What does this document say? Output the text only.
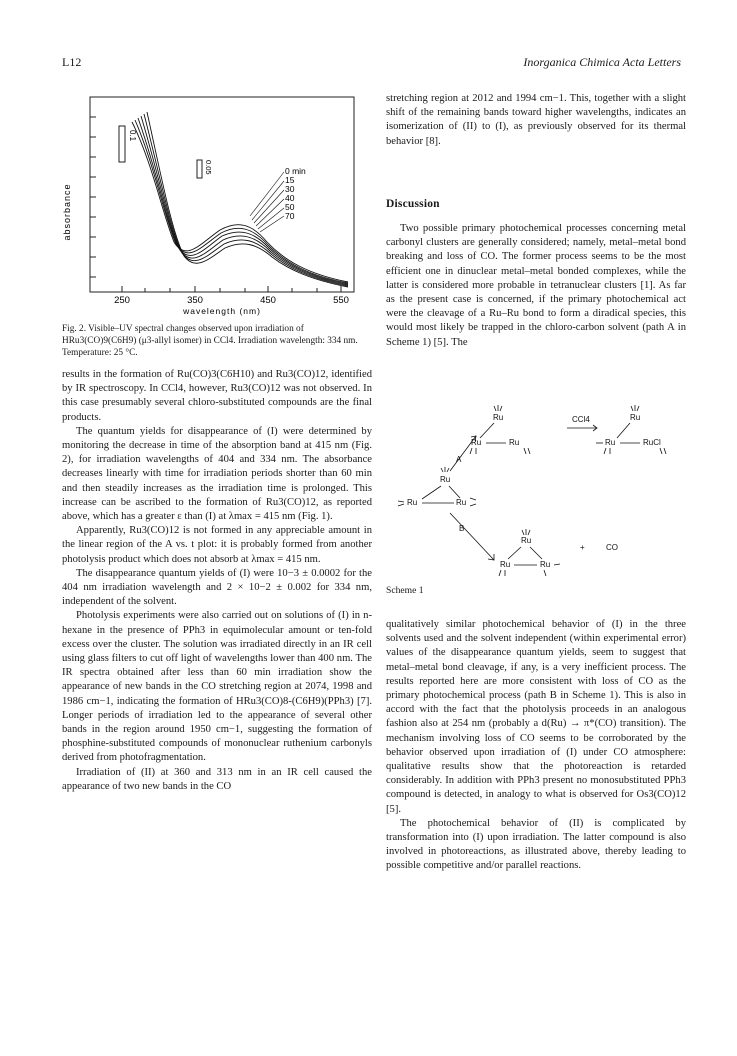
L12	Inorganica Chimica Acta Letters
absorbance
0.1
0.05	0 min
15
30
40
50
70
250	350	450	550
wavelength (nm)
Fig. 2. Visible–UV spectral changes observed upon irradiation of HRu3(CO)9(C6H9) (μ3-allyl isomer) in CCl4. Irradiation wavelength: 334 nm. Temperature: 25 °C.

results in the formation of Ru(CO)3(C6H10) and Ru3(CO)12, identified by IR spectroscopy. In CCl4, however, Ru3(CO)12 was not observed. In this case presumably several chloro-substituted compounds are the final products.

The quantum yields for disappearance of (I) were determined by monitoring the decrease in time of the absorption band at 415 nm (Fig. 2), for irradiation wavelengths of 404 and 334 nm. The absorbance decreases linearly with time for irradiation periods shorter than 60 min and then steadily increases as the irradiation time is prolonged. This increase can be ascribed to the formation of Ru3(CO)12, as reported above, which has a greater ε than (I) at λmax = 415 nm (Fig. 1).

Apparently, Ru3(CO)12 is not formed in any appreciable amount in the linear region of the A vs. t plot: it is probably formed from another photolysis product which does not absorb at λmax = 415 nm.

The disappearance quantum yields of (I) were 10−3 ± 0.0002 for the 404 nm irradiation wavelength and 2 × 10−2 ± 0.002 for 334 nm, independent of the solvent.

Photolysis experiments were also carried out on solutions of (I) in n-hexane in the presence of PPh3 in equimolecular amount or ten-fold excess over the cluster. The solution was irradiated directly in an IR cell using glass filters to cut off light of wavelengths lower than 400 nm. The IR spectra obtained after less than 60 min irradiation show the appearance of new bands in the CO stretching region at 2074, 1998 and 1986 cm−1, indicating the formation of HRu3(CO)8-(C6H9)(PPh3) [7]. Longer periods of irradiation led to the appearance of several other bands in the region around 1950 cm−1, suggesting the formation of phosphine-substituted compounds of mononuclear ruthenium carbonyls derived from photofragmentation.

Irradiation of (II) at 360 and 313 nm in an IR cell caused the appearance of two new bands in the CO

stretching region at 2012 and 1994 cm−1. This, together with a slight shift of the remaining bands toward higher wavelengths, indicates an isomerization of (II) to (I), as previously observed for its thermal behavior [8].

Discussion

Two possible primary photochemical processes concerning metal carbonyl clusters are generally considered; namely, metal–metal bond breaking and loss of CO. The former process seems to be the most efficient one in dinuclear metal–metal bonded complexes, while the latter is considered more probable in tetranuclear clusters [1]. As far as the present case is concerned, if the primary photochemical act were the cleavage of a Ru–Ru bond to form a diradical species, this would most likely be trapped in the chloro-carbon solvent (path A in Scheme 1) [5]. The

Ru
Ru	Ru
CCl4	Ru
Ru	RuCl
A
Ru
Ru	Ru
B
Ru
Ru	Ru
+	CO
Scheme 1

qualitatively similar photochemical behavior of (I) in the three solvents used and the solvent independent (within experimental error) values of the disappearance quantum yields, seem to suggest that metal–metal bond cleavage, if any, is a very inefficient process. The results reported here are more consistent with loss of CO as the primary photochemical process (path B in Scheme 1). This is also in accord with the fact that the photolysis proceeds in an analogous fashion also at 254 nm (probably a d(Ru) → π*(CO) transition). The mechanism involving loss of CO seems to be corroborated by the behavior observed upon irradiation of (I) under CO atmosphere: qualitative results show that the photoreaction is retarded considerably. In addition with PPh3 present no monosubstituted PPh3 compound is detected, in analogy to what is observed for Os3(CO)12 [5].

The photochemical behavior of (II) is complicated by transformation into (I) upon irradiation. The latter compound is also involved in photoreactions, as illustrated above, thereby leading to possible competitive and/or parallel reactions.
